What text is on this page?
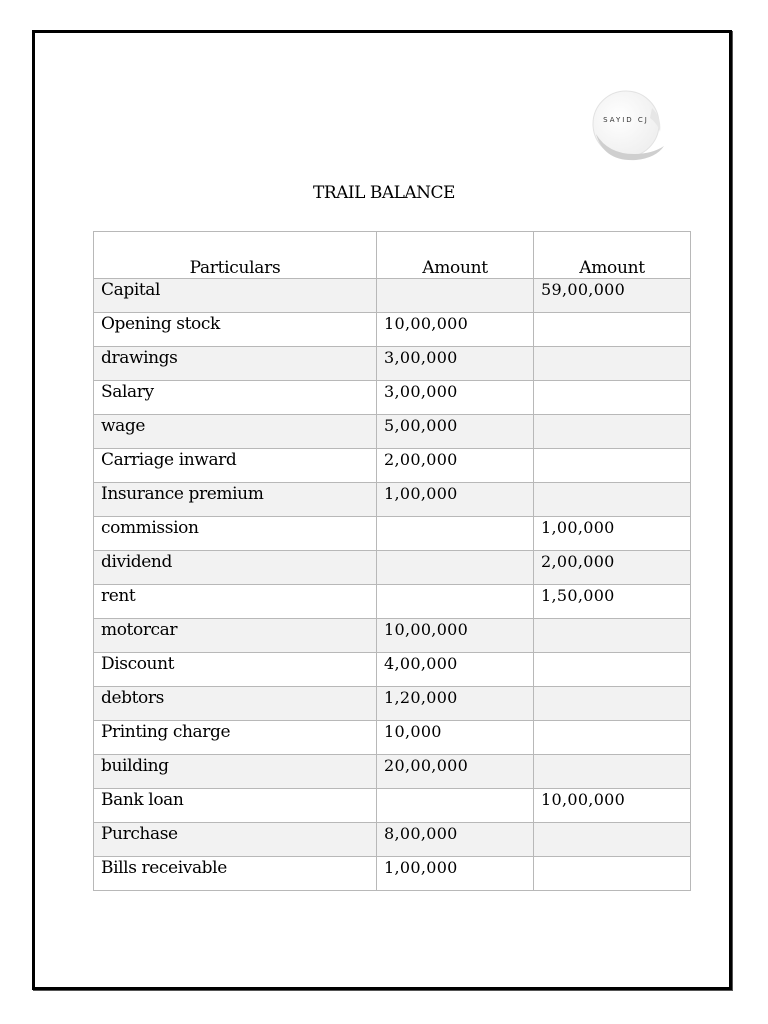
SAYID CJ
TRAIL BALANCE
Particulars	Amount	Amount
Capital		59,00,000
Opening stock	10,00,000	
drawings	3,00,000	
Salary	3,00,000	
wage	5,00,000	
Carriage inward	2,00,000	
Insurance premium	1,00,000	
commission		1,00,000
dividend		2,00,000
rent		1,50,000
motorcar	10,00,000	
Discount	4,00,000	
debtors	1,20,000	
Printing charge	10,000	
building	20,00,000	
Bank loan		10,00,000
Purchase	8,00,000	
Bills receivable	1,00,000	
